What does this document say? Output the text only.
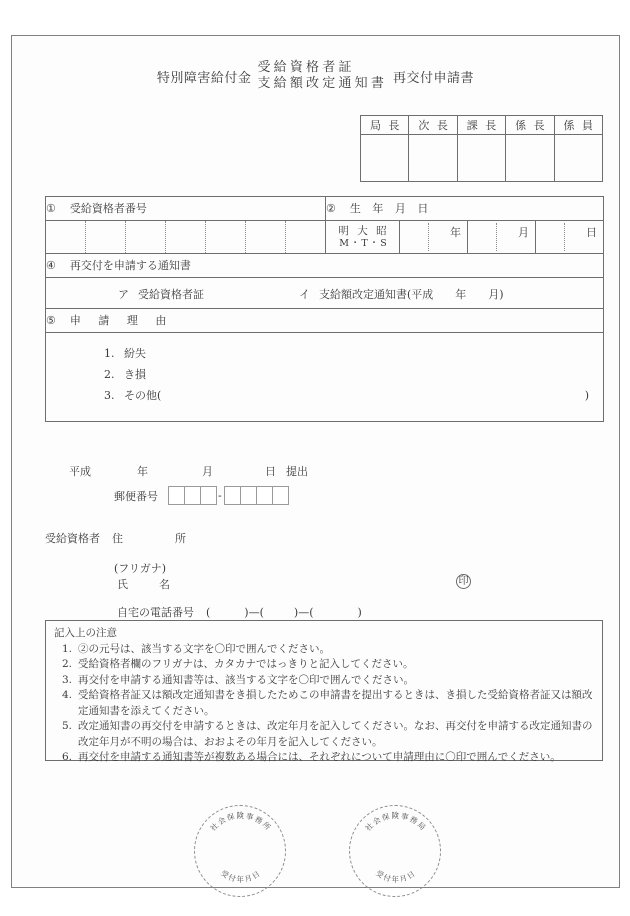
特別障害給付金
受給資格者証
支給額改定通知書 再交付申請書
局 長	次 長	課 長	係 長	係 員

① 受給資格者番号	② 生 年 月 日			

	明 大 昭
M・T・S	年	月	日

④ 再交付を申請する通知書				

ア 受給資格者証 イ 支給額改定通知書(平成 年 月)				

⑤ 申 請 理 由				

1. 紛失
2. き損
3. その他( )				
平成	年	月	日 提出
郵便番号	-
受給資格者 住　　所
(フリガナ)
氏　名	印
自宅の電話番号 (	)—(	)—(	)
記入上の注意
1. ②の元号は、該当する文字を〇印で囲んでください。
2. 受給資格者欄のフリガナは、カタカナではっきりと記入してください。
3. 再交付を申請する通知書等は、該当する文字を〇印で囲んでください。
4. 受給資格者証又は額改定通知書をき損したためこの申請書を提出するときは、き損した受給資格者証又は額改定通知書を添えてください。
5. 改定通知書の再交付を申請するときは、改定年月を記入してください。なお、再交付を申請する改定通知書の改定年月が不明の場合は、おおよその年月を記入してください。
6. 再交付を申請する通知書等が複数ある場合には、それぞれについて申請理由に〇印で囲んでください。
社会保険事務所
受付年月日
社会保険事務局
受付年月日
